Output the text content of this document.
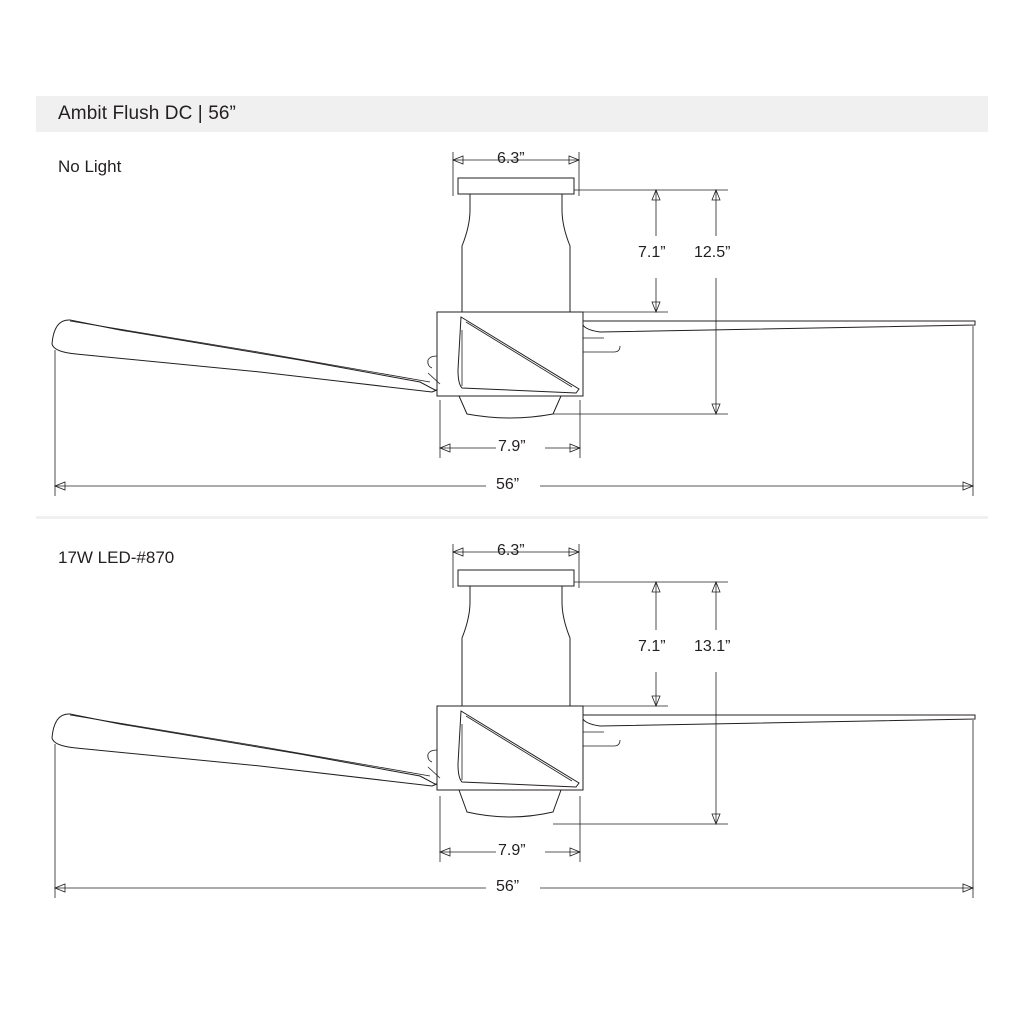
Ambit Flush DC | 56”
No Light
17W LED-#870
6.3”
7.1” 12.5”
7.9”
56”
6.3”
7.1” 13.1”
7.9”
56”
